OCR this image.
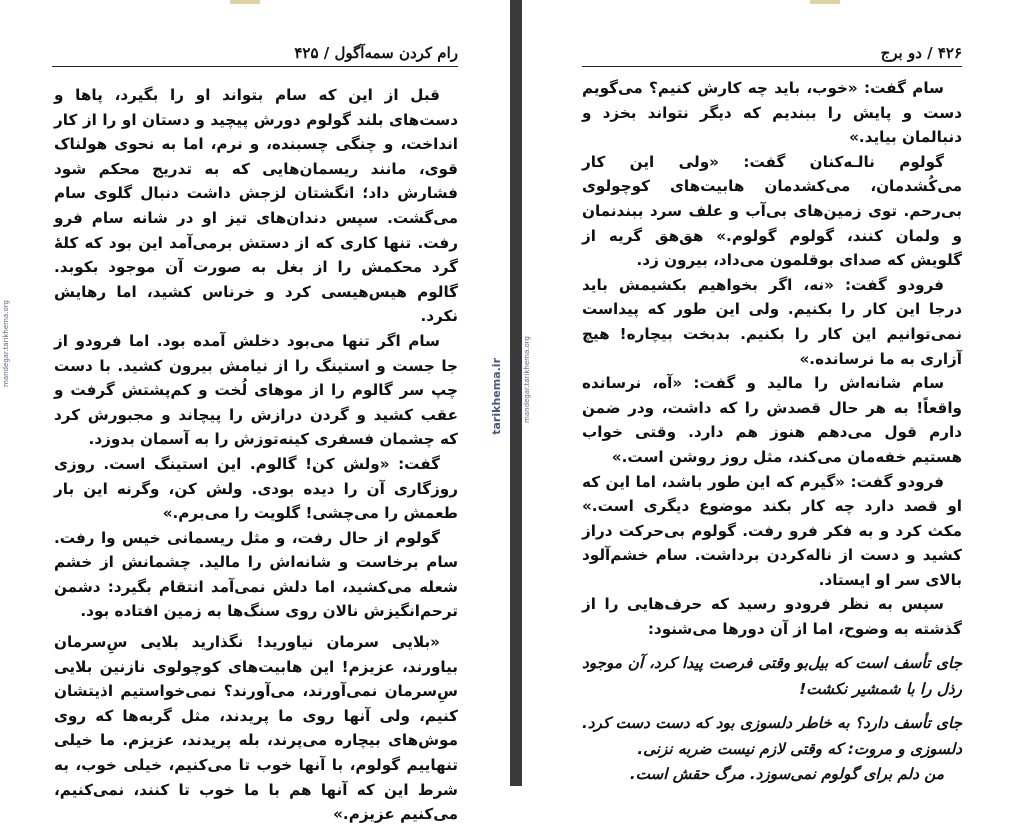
رام کردن سمه‌آگول / ۴۲۵

قبل از این که سام بتواند او را بگیرد، پاها و دست‌های بلند گولوم دورش پیچید و دستان او را از کار انداخت، و چنگی چسبنده، و نرم، اما به نحوی هولناک قوی، مانند ریسمان‌هایی که به تدریج محکم شود فشارش داد؛ انگشتان لزجش داشت دنبال گلوی سام می‌گشت. سپس دندان‌های تیز او در شانه سام فرو رفت. تنها کاری که از دستش برمی‌آمد این بود که کلهٔ گرد محکمش را از بغل به صورت آن موجود بکوبد. گالوم هیس‌هیسی کرد و خرناس کشید، اما رهایش نکرد.

سام اگر تنها می‌بود دخلش آمده بود. اما فرودو از جا جست و استینگ را از نیامش بیرون کشید. با دست چپ سر گالوم را از موهای لُخت و کم‌پشتش گرفت و عقب کشید و گردن درازش را پیچاند و مجبورش کرد که چشمان فسفری کینه‌توزش را به آسمان بدوزد.

گفت: «ولش کن! گالوم. این استینگ است. روزی روزگاری آن را دیده بودی. ولش کن، وگرنه این بار طعمش را می‌چشی! گلویت را می‌برم.»

گولوم از حال رفت، و مثل ریسمانی خیس وا رفت. سام برخاست و شانه‌اش را مالید. چشمانش از خشم شعله می‌کشید، اما دلش نمی‌آمد انتقام بگیرد: دشمن ترحم‌انگیزش نالان روی سنگ‌ها به زمین افتاده بود.

«بلایی سرمان نیاورید! نگذارید بلایی سِ‌سرمان بیاورند، عزیزم! این هابیت‌های کوچولوی نازنین بلایی سِ‌سرمان نمی‌آورند، می‌آورند؟ نمی‌خواستیم اذیتشان کنیم، ولی آنها روی ما پریدند، مثل گربه‌ها که روی موش‌های بیچاره می‌پرند، بله پریدند، عزیزم. ما خیلی تنهاییم گولوم، با آنها خوب تا می‌کنیم، خیلی خوب، به شرط این که آنها هم با ما خوب تا کنند، نمی‌کنیم، می‌کنیم عزیزم.»

mandegar.tarikhema.org
۴۲۶ / دو برج

سام گفت: «خوب، باید چه کارش کنیم؟ می‌گویم دست و پایش را ببندیم که دیگر نتواند بخزد و دنبالمان بیاید.»

گولوم نالـه‌کنان گفت: «ولی این کار می‌کُشدمان، می‌کشدمان هابیت‌های کوچولوی بی‌رحم. توی زمین‌های بی‌آب و علف سرد ببندنمان و ولمان کنند، گولوم گولوم.» هق‌هق گریه از گلویش که صدای بوقلمون می‌داد، بیرون زد.

فرودو گفت: «نه، اگر بخواهیم بکشیمش باید درجا این کار را بکنیم. ولی این طور که پیداست نمی‌توانیم این کار را بکنیم. بدبخت بیچاره! هیچ آزاری به ما نرسانده.»

سام شانه‌اش را مالید و گفت: «آه، نرسانده واقعاً! به هر حال قصدش را که داشت، ودر ضمن دارم قول می‌دهم هنوز هم دارد. وقتی خواب هستیم خفه‌مان می‌کند، مثل روز روشن است.»

فرودو گفت: «گیرم که این طور باشد، اما این که او قصد دارد چه کار بکند موضوع دیگری است.» مکث کرد و به فکر فرو رفت. گولوم بی‌حرکت دراز کشید و دست از ناله‌کردن برداشت. سام خشم‌آلود بالای سر او ایستاد.

سپس به نظر فرودو رسید که حرف‌هایی را از گذشته به وضوح، اما از آن دورها می‌شنود:

جای تأسف است که بیل‌بو وقتی فرصت پیدا کرد، آن موجود رذل را با شمشیر نکشت!

جای تأسف دارد؟ به خاطر دلسوزی بود که دست دست کرد. دلسوزی و مروت: که وقتی لازم نیست ضربه نزنی.

من دلم برای گولوم نمی‌سوزد. مرگ حقش است.

tarikhema.ir	mandegar.tarikhema.org
